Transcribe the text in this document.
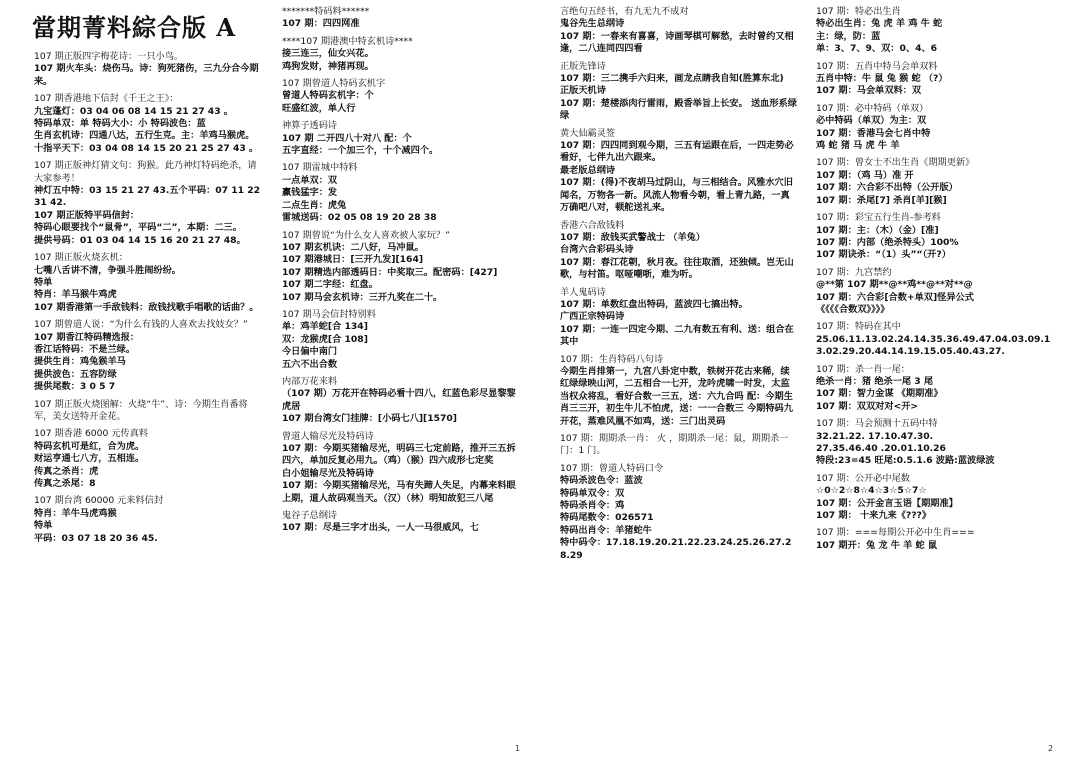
當期菁料綜合版 A
107 期正版四字梅花诗：一只小鸟。
107 期火车头：烧伤马。诗：狗死猪伤，三九分合今期来。
107 期香港地下信封《千王之王》：
九宝蓬灯：03 04 06 08 14 15 21 27 43 。
特码单双：单 特码大小：小 特码波色：蓝
生肖玄机诗：四通八达，五行生克。主：羊鸡马猴虎。
十指平天下：03 04 08 14 15 20 21 25 27 43 。
107 期正版神灯猜文句：狗猴。此乃神灯特码绝杀，请大家参考！
神灯五中特：03 15 21 27 43.五个平码：07 11 22 31 42.
107 期正版特平码信封：
特码心眼要找个“鼠骨”，平码“二”，本期：二三。
提供号码：01 03 04 14 15 16 20 21 27 48。
107 期正版火烧玄机：
七嘴八舌讲不清，争强斗胜闹纷纷。
特单
特肖：羊马猴牛鸡虎
107 期香港第一手敌钱料：敌钱找歌手唱歌的话曲？。
107 期曾道人说：“为什么有钱的人喜欢去找妓女？”
107 期香江特码精选报：
香江话特码：不是兰绿。
提供生肖：鸡兔猴羊马
提供波色：五容防绿
提供尾数：3 0 5 7
107 期正版火烧图解：火烧“牛”、诗：今期生肖番将军，美女送特开金花。
107 期香港 6000 元传真料
特码玄机可是红，合为虎。
财运亨通七八方，五相连。
传真之杀肖：虎
传真之杀尾：8
107 期台湾 60000 元来料信封
特肖：羊牛马虎鸡猴
特单
平码：03 07 18 20 36 45.
*******特码料******
107 期：四四网准
****107 期港澳中特玄机诗****
接三连三，仙女兴花。
鸡狗发财，神猪再现。
107 期曾道人特码玄机字
曾道人特码玄机字：个
旺盛红波，单人行
神算子透码诗
107 期 二开四八十对八 配：个
五字直经：一个加三个，十个减四个。
107 期雷城中特料
一点单双：双
赢钱猛字：发
二点生肖：虎兔
雷城送码：02 05 08 19 20 28 38
107 期曾说“为什么女人喜欢被人家玩？”
107 期玄机诀：二八好，马冲鼠。
107 期港城日：[三开九发][164]
107 期精选内部透码日：中奖取三。配密码：[427]
107 期二字经：红盘。
107 期马会玄机诗：三开九奖在二十。
107 期马会信封特别料
单：鸡羊蛇[合 134]
双：龙猴虎[合 108]
今日偏中南门
五六不出合数
内部万花来料
（107 期）万花开在特码必看十四八，红蓝色彩尽显黎黎虎居
107 期台湾女门挂牌：[小码七八][1570]
曾道人输尽光及特码诗
107 期：今期买猪输尽光，明码三七定前路，推开三五拆四六，单加反复必用九。（鸡）（猴）四六成形七定奖
白小姐输尽光及特码诗
107 期：今期买猪输尽光，马有失蹄人失足，内幕来料眼上期，道人故码观当天。（汉）（林）明知故犯三八尾
鬼谷子总纲诗
107 期：尽是三字才出头，一人一马很威风，七
1
言绝句五经书，有九无九不成对
鬼谷先生总纲诗
107 期：一春来有喜喜，诗画琴棋可解愁，去时曾约又相逢，二八连同四四看
正版先锋诗
107 期：三二携手六归来，画龙点睛我自知(胜算东北)
正版天机诗
107 期：楚楼添肉行雷雨，殿香举旨上长安。 送血形系绿绿
黄大仙霸灵签
107 期：四四同到观今期，三五有运跟在后，一四走势必看好，七伴九出六跟来。
最老版总纲诗
107 期：(得)不夜胡马过阴山，与三相结合。风雅水穴旧闻名，万物各一新。风流人物看今朝，看上青九路，一真万确吧八对，顿舵送礼来。
香港六合敌钱料
107 期：敌钱买武警战士 （羊兔）
台湾六合彩码头诗
107 期：春江花朝，秋月夜。往往取酒，还独倾。岂无山歌，与村笛。呕哑嘲哳，难为听。
羊人鬼码诗
107 期：单数红盘出特码，蓝波四七搞出特。
广西正宗特码诗
107 期：一连一四定今期、二九有数五有利、送：组合在其中
107 期：生肖特码八句诗
今期生肖排第一，九宫八卦定中数，铁树开花古来稀，续红绿绿映山河，二五相合一七开，龙吟虎啸一时发，太监当权众将乱，看好合数一三五，送：六九合吗 配：今期生肖三三开，初生牛儿不怕虎，送：一一合数三 今期特码九开花，蒸难风凰不如鸡，送：三门出灵码
107 期：期期杀一肖： 火 ，期期杀一尾：鼠，期期杀一门：1 门。
107 期：曾道人特码口令
特码杀波色令：蓝波
特码单双令：双
特码杀肖令：鸡
特码尾数令：026571
特码出肖令：羊猪蛇牛
特中码令：17.18.19.20.21.22.23.24.25.26.27.28.29
107 期：特必出生肖
特必出生肖：兔 虎 羊 鸡 牛 蛇
主：绿，防：蓝
单：3、7、9、双：0、4、6
107 期：五肖中特马会单双料
五肖中特：牛 鼠 兔 猴 蛇 （?）
107 期：马会单双料：双
107 期：必中特码（单双）
必中特码（单双）为主：双
107 期：香港马会七肖中特
鸡 蛇 猪 马 虎 牛 羊
107 期：曾女士不出生肖《期期更新》
107 期：（鸡 马）准 开
107 期：六合彩不出特（公开版）
107 期：杀尾[7] 杀肖[羊][猴]
107 期：彩宝五行生肖-参考料
107 期：主：（木）（金）[准]
107 期：内部（绝杀特头）100%
107 期诀杀：“（1）头”“（开?）
107 期：九宫禁约
@**第 107 期**@**鸡**@**对**@
107 期：六合彩[合数+单双]怪异公式
《《《《合数双》》》》
107 期：特码在其中
25.06.11.13.02.24.14.35.36.49.47.04.03.09.13.02.29.20.44.14.19.15.05.40.43.27.
107 期：杀一肖一尾：
绝杀一肖：猪 绝杀一尾 3 尾
107 期：智力金谋 《期期准》
107 期：双双对对<开>
107 期：马会预测十五码中特
32.21.22. 17.10.47.30.
27.35.46.40 .20.01.10.26
特段:23=45 旺尾:0.5.1.6 波路:蓝波绿波
107 期：公开必中尾数
☆0☆2☆8☆4☆3☆5☆7☆
107 期：公开金言玉语【期期准】
107 期： 十来九来《???》
107 期：===每期公开必中生肖===
107 期开：兔 龙 牛 羊 蛇 鼠
2
